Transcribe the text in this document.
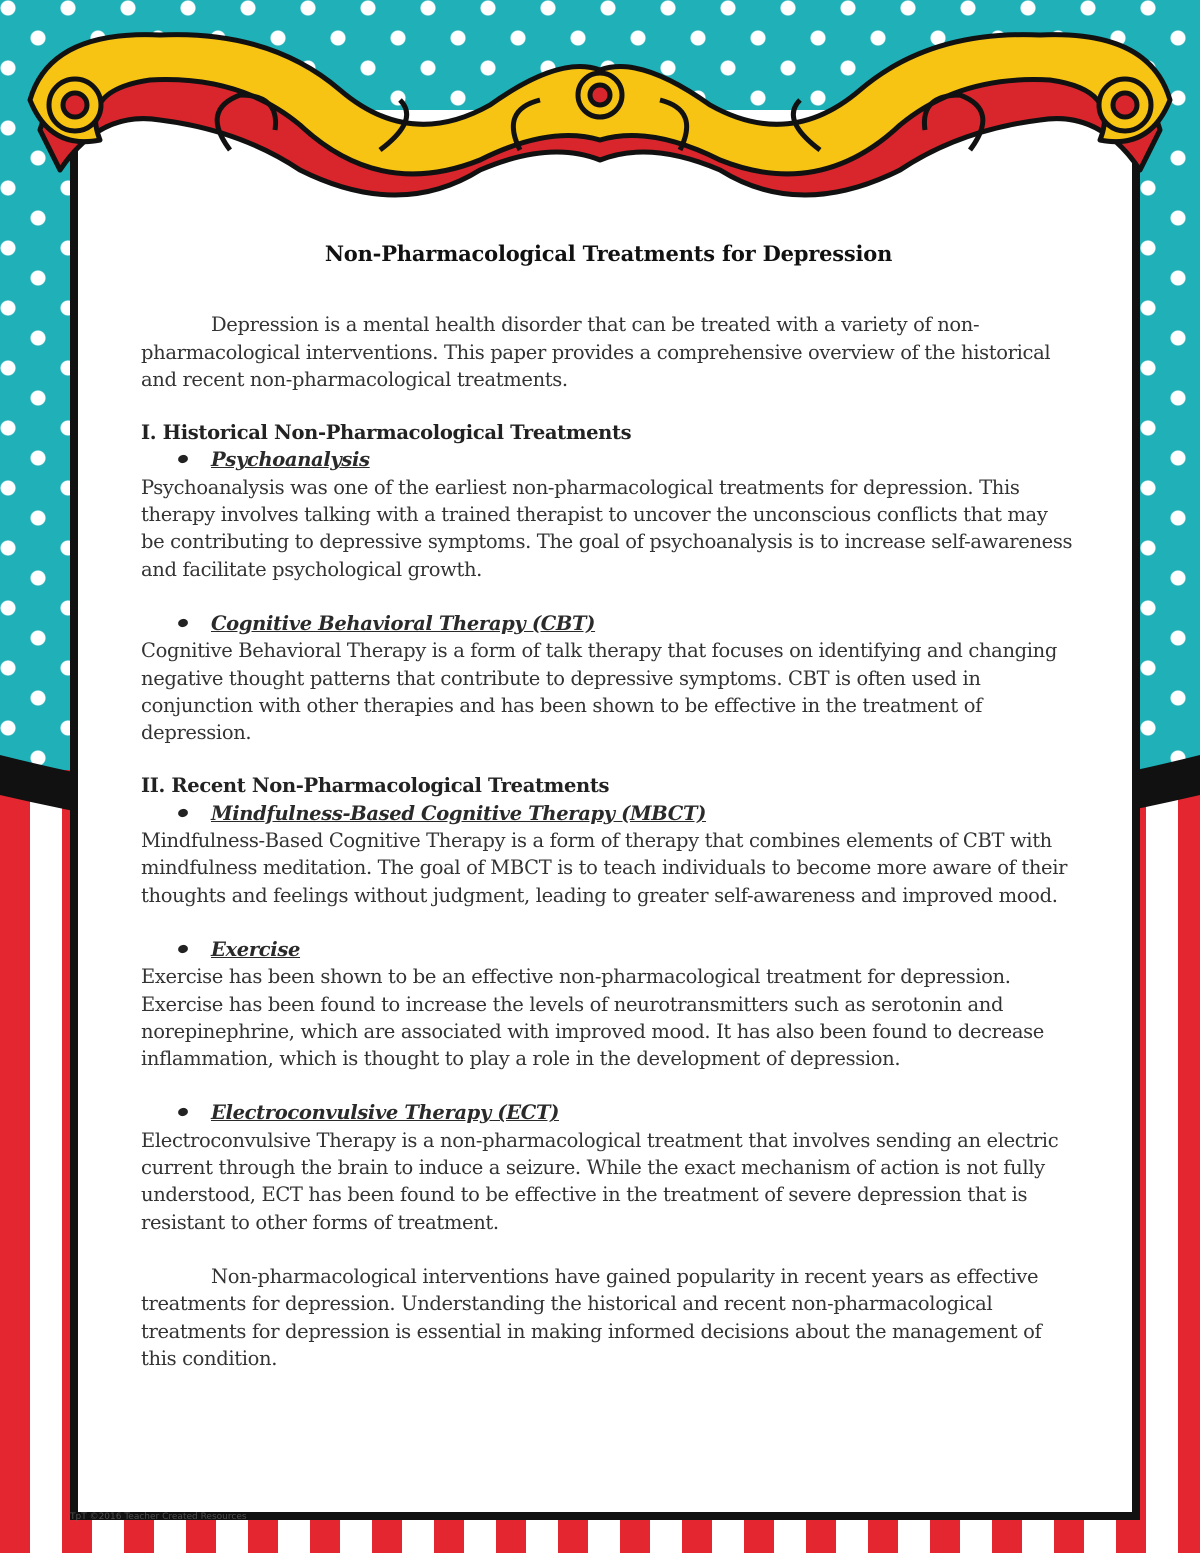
Non-Pharmacological Treatments for Depression

Depression is a mental health disorder that can be treated with a variety of non-pharmacological interventions. This paper provides a comprehensive overview of the historical and recent non-pharmacological treatments.

I. Historical Non-Pharmacological Treatments

Psychoanalysis

Psychoanalysis was one of the earliest non-pharmacological treatments for depression. This therapy involves talking with a trained therapist to uncover the unconscious conflicts that may be contributing to depressive symptoms. The goal of psychoanalysis is to increase self-awareness and facilitate psychological growth.

Cognitive Behavioral Therapy (CBT)

Cognitive Behavioral Therapy is a form of talk therapy that focuses on identifying and changing negative thought patterns that contribute to depressive symptoms. CBT is often used in conjunction with other therapies and has been shown to be effective in the treatment of depression.

II. Recent Non-Pharmacological Treatments

Mindfulness-Based Cognitive Therapy (MBCT)

Mindfulness-Based Cognitive Therapy is a form of therapy that combines elements of CBT with mindfulness meditation. The goal of MBCT is to teach individuals to become more aware of their thoughts and feelings without judgment, leading to greater self-awareness and improved mood.

Exercise

Exercise has been shown to be an effective non-pharmacological treatment for depression. Exercise has been found to increase the levels of neurotransmitters such as serotonin and norepinephrine, which are associated with improved mood. It has also been found to decrease inflammation, which is thought to play a role in the development of depression.

Electroconvulsive Therapy (ECT)

Electroconvulsive Therapy is a non-pharmacological treatment that involves sending an electric current through the brain to induce a seizure. While the exact mechanism of action is not fully understood, ECT has been found to be effective in the treatment of severe depression that is resistant to other forms of treatment.

Non-pharmacological interventions have gained popularity in recent years as effective treatments for depression. Understanding the historical and recent non-pharmacological treatments for depression is essential in making informed decisions about the management of this condition.

TpT ©2016 Teacher Created Resources
